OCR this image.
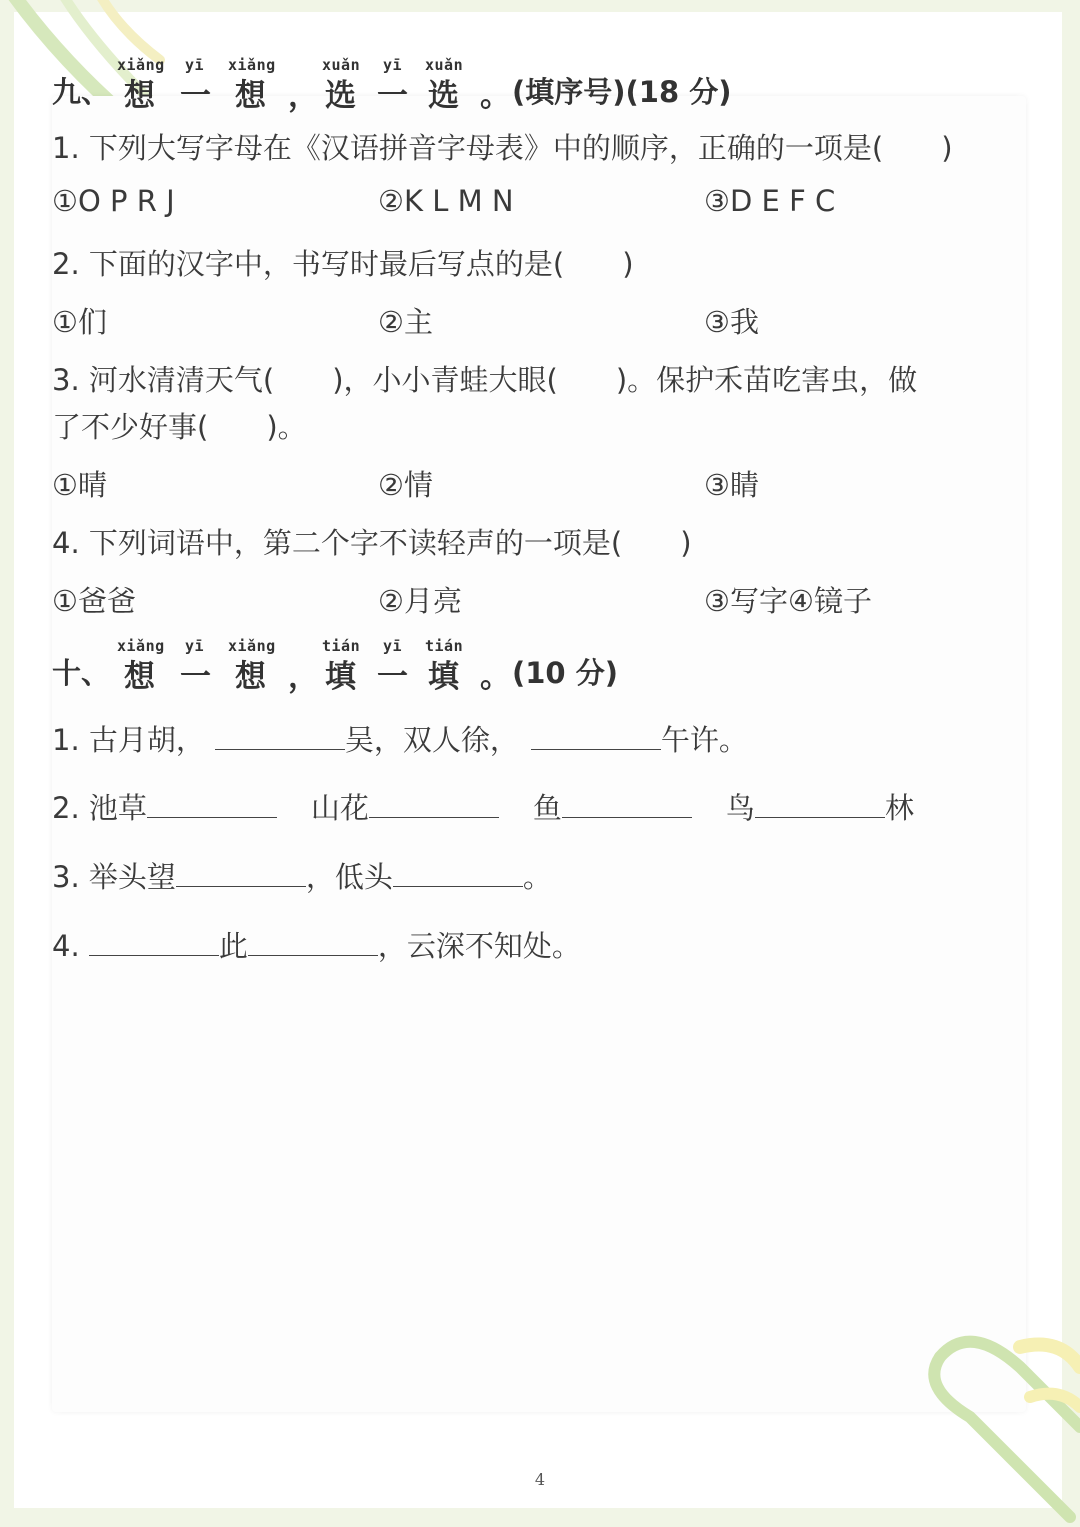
九、
xiǎng
想
yī
一
xiǎng
想 ，
xuǎn
选
yī
一
xuǎn
选 。 (填序号)(18 分)
1. 下列大写字母在《汉语拼音字母表》中的顺序，正确的一项是(　　)
①O P R J	②K L M N	③D E F C
2. 下面的汉字中，书写时最后写点的是(　　)
①们	②主	③我
3. 河水清清天气(　　)，小小青蛙大眼(　　)。保护禾苗吃害虫，做
了不少好事(　　)。
①晴	②情	③睛
4. 下列词语中，第二个字不读轻声的一项是(　　)
①爸爸	②月亮	③写字④镜子
十、
xiǎng
想
yī
一
xiǎng
想 ，
tián
填
yī
一
tián
填 。 (10 分)
1. 古月胡，	吴，双人徐，	午许。
2. 池草	山花	鱼	鸟	林
3. 举头望	，低头	。
4.	此	，云深不知处。
4
